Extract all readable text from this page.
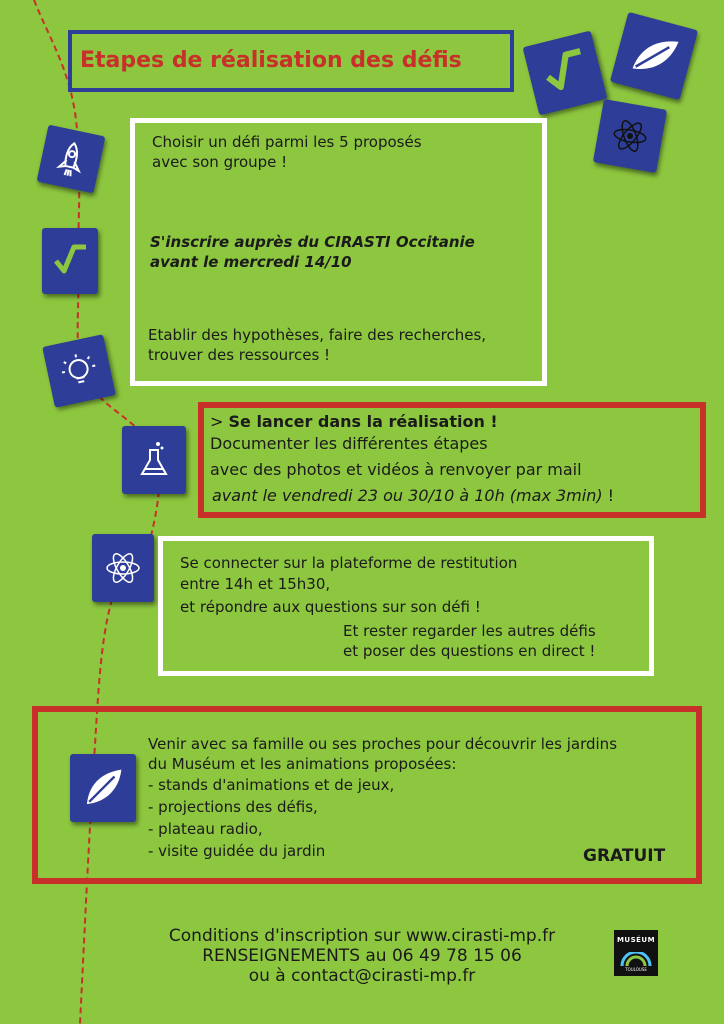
Etapes de réalisation des défis
Choisir un défi parmi les 5 proposés
avec son groupe !
S'inscrire auprès du CIRASTI Occitanie
avant le mercredi 14/10
Etablir des hypothèses, faire des recherches,
trouver des ressources !
> Se lancer dans la réalisation !
Documenter les différentes étapes
avec des photos et vidéos à renvoyer par mail
avant le vendredi 23 ou 30/10 à 10h (max 3min) !
Se connecter sur la plateforme de restitution
entre 14h et 15h30,
et répondre aux questions sur son défi !
Et rester regarder les autres défis
et poser des questions en direct !
Venir avec sa famille ou ses proches pour découvrir les jardins
du Muséum et les animations proposées:
- stands d'animations et de jeux,
- projections des défis,
- plateau radio,
- visite guidée du jardin	GRATUIT
Conditions d'inscription sur www.cirasti-mp.fr
RENSEIGNEMENTS au 06 49 78 15 06
ou à contact@cirasti-mp.fr
MUSÉUM
TOULOUSE
